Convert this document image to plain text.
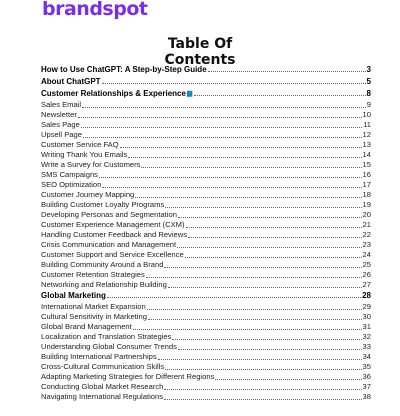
brandspot
Table Of
Contents
How to Use ChatGPT: A Step-by-Step Guide	3
About ChatGPT	5
Customer Relationships & Experience 📘	8
Sales Email	9
Newsletter	10
Sales Page	11
Upsell Page	12
Customer Service FAQ	13
Writing Thank You Emails	14
Write a Survey for Customers	15
SMS Campaigns	16
SEO Optimization	17
Customer Journey Mapping	18
Building Customer Loyalty Programs	19
Developing Personas and Segmentation	20
Customer Experience Management (CXM)	21
Handling Customer Feedback and Reviews	22
Crisis Communication and Management	23
Customer Support and Service Excellence	24
Building Community Around a Brand	25
Customer Retention Strategies	26
Networking and Relationship Building	27
Global Marketing	28
International Market Expansion	29
Cultural Sensitivity in Marketing	30
Global Brand Management	31
Localization and Translation Strategies	32
Understanding Global Consumer Trends	33
Building International Partnerships	34
Cross-Cultural Communication Skills	35
Adapting Marketing Strategies for Different Regions	36
Conducting Global Market Research	37
Navigating International Regulations	38
